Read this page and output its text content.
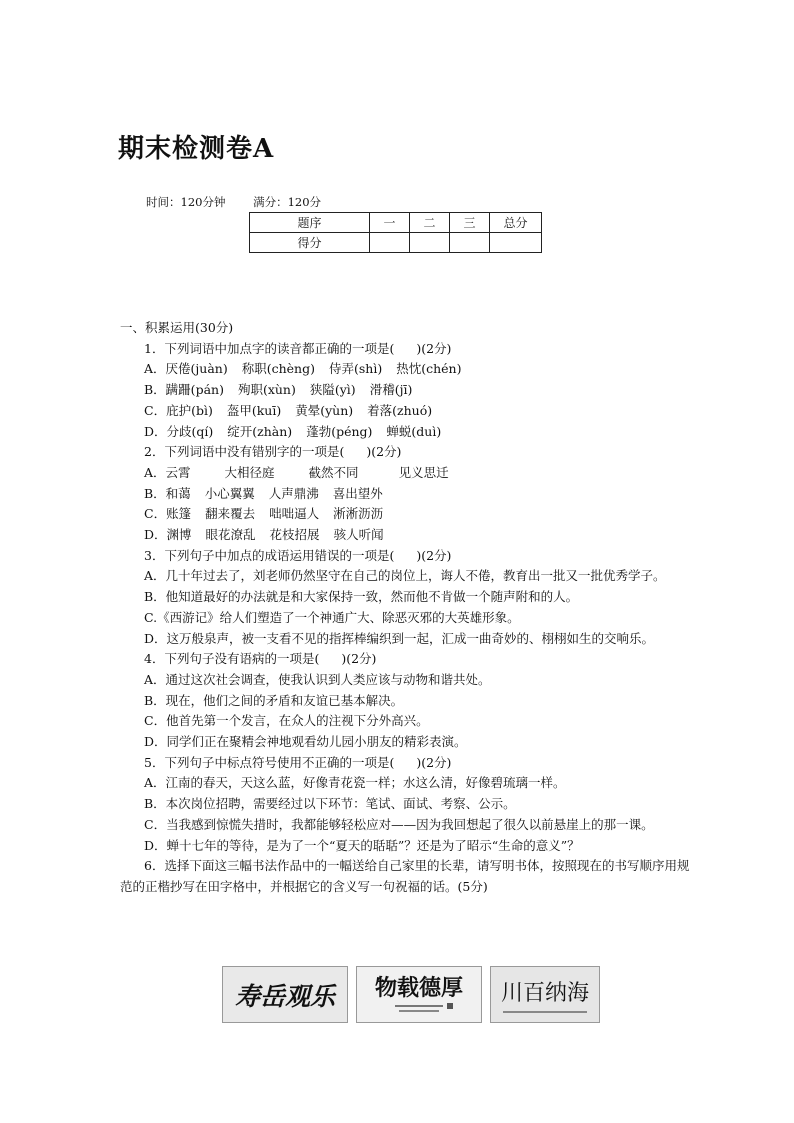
期末检测卷A
时间：120分钟 满分：120分
题序	一	二	三	总分
得分				
一、积累运用(30分)
1．下列词语中加点字的读音都正确的一项是( )(2分)
A．厌倦(juàn) 称职(chèng) 侍弄(shì) 热忱(chén)
B．蹒跚(pán) 殉职(xùn) 狭隘(yì) 滑稽(jī)
C．庇护(bì) 盔甲(kuī) 黄晕(yùn) 着落(zhuó)
D．分歧(qí) 绽开(zhàn) 蓬勃(péng) 蝉蜕(duì)
2．下列词语中没有错别字的一项是( )(2分)
A．云霄	大相径庭	截然不同	见义思迁
B．和蔼 小心翼翼 人声鼎沸 喜出望外
C．账篷 翻来覆去 咄咄逼人 淅淅沥沥
D．渊博 眼花潦乱 花枝招展 骇人听闻
3．下列句子中加点的成语运用错误的一项是( )(2分)
A．几十年过去了，刘老师仍然坚守在自己的岗位上，诲人不倦，教育出一批又一批优秀学子。
B．他知道最好的办法就是和大家保持一致，然而他不肯做一个随声附和的人。
C.《西游记》给人们塑造了一个神通广大、除恶灭邪的大英雄形象。
D．这万般泉声，被一支看不见的指挥棒编织到一起，汇成一曲奇妙的、栩栩如生的交响乐。
4．下列句子没有语病的一项是( )(2分)
A．通过这次社会调查，使我认识到人类应该与动物和谐共处。
B．现在，他们之间的矛盾和友谊已基本解决。
C．他首先第一个发言，在众人的注视下分外高兴。
D．同学们正在聚精会神地观看幼儿园小朋友的精彩表演。
5．下列句子中标点符号使用不正确的一项是( )(2分)
A．江南的春天，天这么蓝，好像青花瓷一样；水这么清，好像碧琉璃一样。
B．本次岗位招聘，需要经过以下环节：笔试、面试、考察、公示。
C．当我感到惊慌失措时，我都能够轻松应对——因为我回想起了很久以前悬崖上的那一课。
D．蝉十七年的等待，是为了一个“夏天的聒聒”？还是为了昭示“生命的意义”？
6．选择下面这三幅书法作品中的一幅送给自己家里的长辈，请写明书体，按照现在的书写顺序用规范的正楷抄写在田字格中，并根据它的含义写一句祝福的话。(5分)
寿岳观乐 物载德厚 川百纳海
